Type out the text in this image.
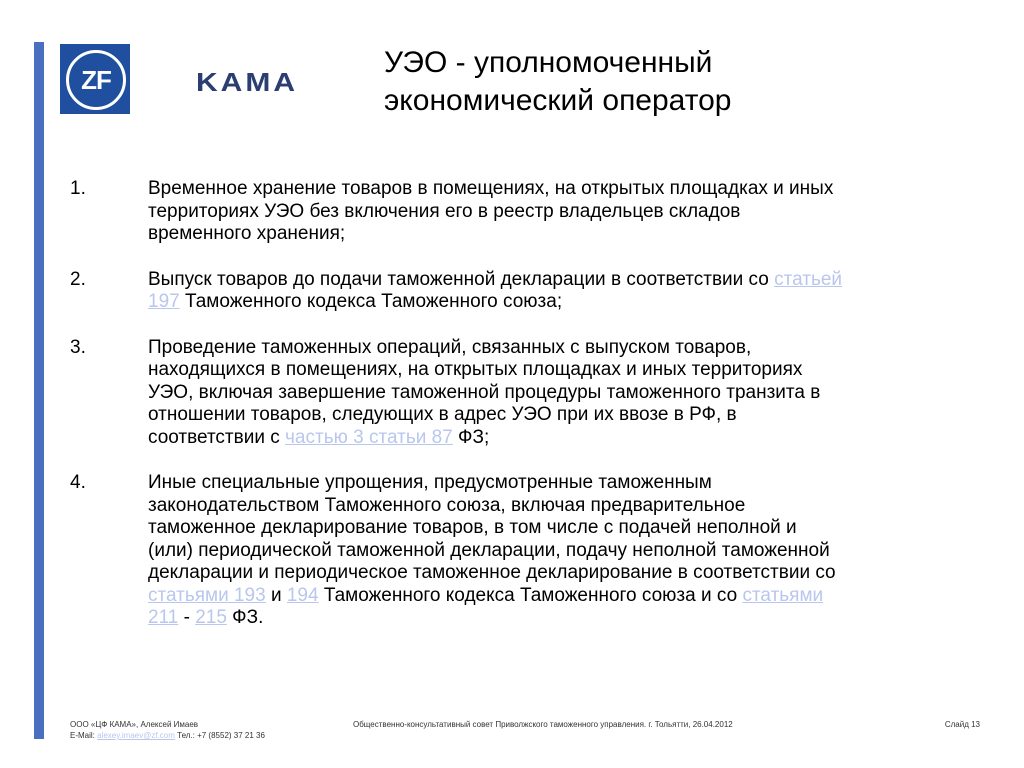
ZF	KAMA
УЭО - уполномоченный
экономический оператор
1.	Временное хранение товаров в помещениях, на открытых площадках и иных
территориях УЭО без включения его в реестр владельцев складов
временного хранения;
2.	Выпуск товаров до подачи таможенной декларации в соответствии со статьей
197 Таможенного кодекса Таможенного союза;
3.	Проведение таможенных операций, связанных с выпуском товаров,
находящихся в помещениях, на открытых площадках и иных территориях
УЭО, включая завершение таможенной процедуры таможенного транзита в
отношении товаров, следующих в адрес УЭО при их ввозе в РФ, в
соответствии с частью 3 статьи 87 ФЗ;
4.	Иные специальные упрощения, предусмотренные таможенным
законодательством Таможенного союза, включая предварительное
таможенное декларирование товаров, в том числе с подачей неполной и
(или) периодической таможенной декларации, подачу неполной таможенной
декларации и периодическое таможенное декларирование в соответствии со
статьями 193 и 194 Таможенного кодекса Таможенного союза и со статьями
211 - 215 ФЗ.
ООО «ЦФ КАМА», Алексей Имаев
E-Mail: alexey.imaev@zf.com Тел.: +7 (8552) 37 21 36
Общественно-консультативный совет Приволжского таможенного управления. г. Тольятти, 26.04.2012	Слайд 13
